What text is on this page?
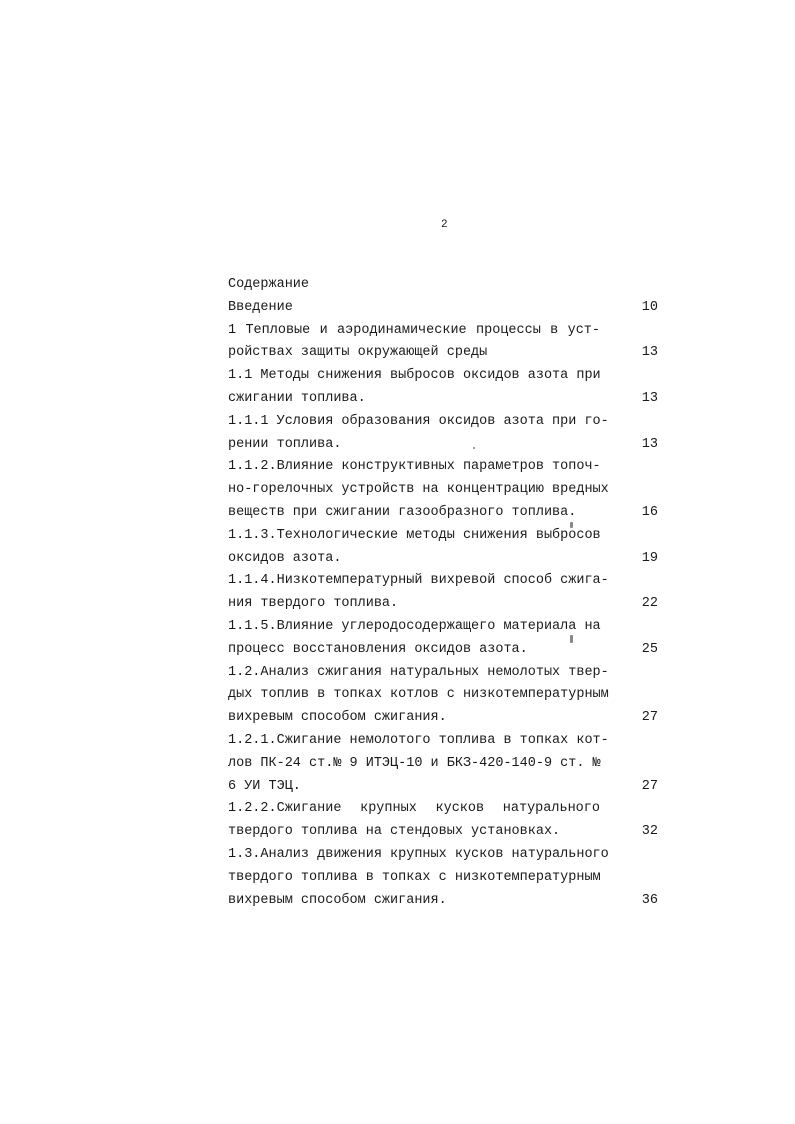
2
Содержание
Введение	10
1 Тепловые и аэродинамические процессы в уст-
ройствах защиты окружающей среды	13
1.1 Методы снижения выбросов оксидов азота при
сжигании топлива.	13
1.1.1 Условия образования оксидов азота при го-
рении топлива.	13
1.1.2.Влияние конструктивных параметров топоч-
но-горелочных устройств на концентрацию вредных
веществ при сжигании газообразного топлива.	16
1.1.3.Технологические методы снижения выбросов
оксидов азота.	19
1.1.4.Низкотемпературный вихревой способ сжига-
ния твердого топлива.	22
1.1.5.Влияние углеродосодержащего материала на
процесс восстановления оксидов азота.	25
1.2.Анализ сжигания натуральных немолотых твер-
дых топлив в топках котлов с низкотемпературным
вихревым способом сжигания.	27
1.2.1.Сжигание немолотого топлива в топках кот-
лов ПК-24 ст.№ 9 ИТЭЦ-10 и БКЗ-420-140-9 ст. №
6 УИ ТЭЦ.	27
1.2.2.Сжигание крупных кусков натурального
твердого топлива на стендовых установках.	32
1.3.Анализ движения крупных кусков натурального
твердого топлива в топках с низкотемпературным
вихревым способом сжигания.	36
